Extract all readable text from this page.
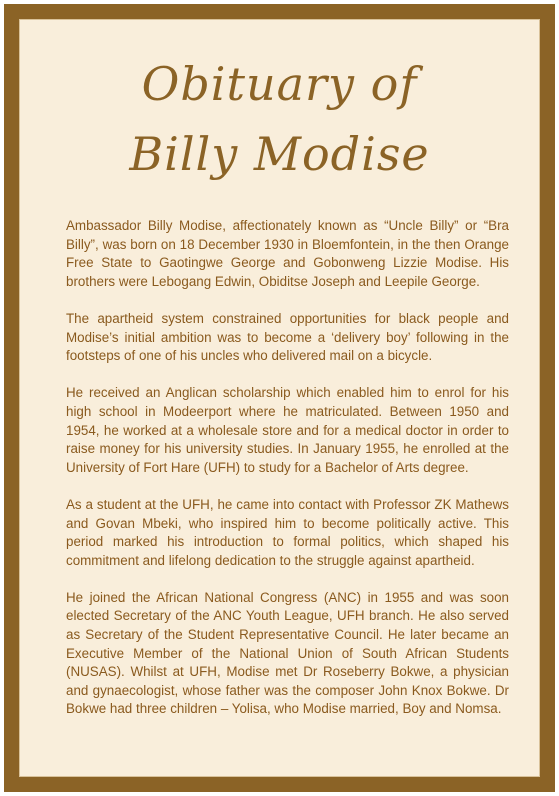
Obituary of
Billy Modise

Ambassador Billy Modise, affectionately known as “Uncle Billy” or “Bra Billy”, was born on 18 December 1930 in Bloemfontein, in the then Orange Free State to Gaotingwe George and Gobonweng Lizzie Modise. His brothers were Lebogang Edwin, Obiditse Joseph and Leepile George.

The apartheid system constrained opportunities for black people and Modise’s initial ambition was to become a ‘delivery boy’ following in the footsteps of one of his uncles who delivered mail on a bicycle.

He received an Anglican scholarship which enabled him to enrol for his high school in Modeerport where he matriculated. Between 1950 and 1954, he worked at a wholesale store and for a medical doctor in order to raise money for his university studies. In January 1955, he enrolled at the University of Fort Hare (UFH) to study for a Bachelor of Arts degree.

As a student at the UFH, he came into contact with Professor ZK Mathews and Govan Mbeki, who inspired him to become politically active. This period marked his introduction to formal politics, which shaped his commitment and lifelong dedication to the struggle against apartheid.

He joined the African National Congress (ANC) in 1955 and was soon elected Secretary of the ANC Youth League, UFH branch. He also served as Secretary of the Student Representative Council. He later became an Executive Member of the National Union of South African Students (NUSAS). Whilst at UFH, Modise met Dr Roseberry Bokwe, a physician and gynaecologist, whose father was the composer John Knox Bokwe. Dr Bokwe had three children – Yolisa, who Modise married, Boy and Nomsa.
